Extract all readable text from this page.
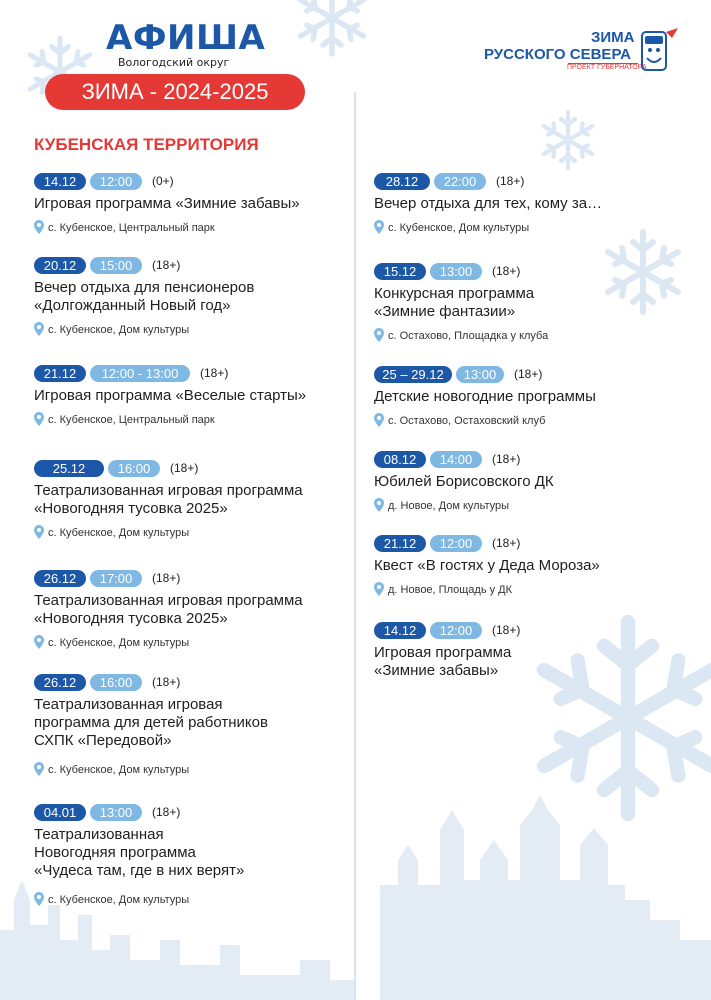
АФИША
Вологодский округ
ЗИМА - 2024-2025
ЗИМА
РУССКОГО СЕВЕРА
ПРОЕКТ ГУБЕРНАТОРА
КУБЕНСКАЯ ТЕРРИТОРИЯ
14.12	12:00	(0+)
Игровая программа «Зимние забавы»
с. Кубенское, Центральный парк
20.12	15:00	(18+)
Вечер отдыха для пенсионеров
«Долгожданный Новый год»
с. Кубенское, Дом культуры
21.12	12:00 - 13:00	(18+)
Игровая программа «Веселые старты»
с. Кубенское, Центральный парк
25.12	16:00	(18+)
Театрализованная игровая программа
«Новогодняя тусовка 2025»
с. Кубенское, Дом культуры
26.12	17:00	(18+)
Театрализованная игровая программа
«Новогодняя тусовка 2025»
с. Кубенское, Дом культуры
26.12	16:00	(18+)
Театрализованная игровая
программа для детей работников
СХПК «Передовой»
с. Кубенское, Дом культуры
04.01	13:00	(18+)
Театрализованная
Новогодняя программа
«Чудеса там, где в них верят»
с. Кубенское, Дом культуры
28.12	22:00	(18+)
Вечер отдыха для тех, кому за…
с. Кубенское, Дом культуры
15.12	13:00	(18+)
Конкурсная программа
«Зимние фантазии»
с. Остахово, Площадка у клуба
25 – 29.12	13:00	(18+)
Детские новогодние программы
с. Остахово, Остаховский клуб
08.12	14:00	(18+)
Юбилей Борисовского ДК
д. Новое, Дом культуры
21.12	12:00	(18+)
Квест «В гостях у Деда Мороза»
д. Новое, Площадь у ДК
14.12	12:00	(18+)
Игровая программа
«Зимние забавы»
